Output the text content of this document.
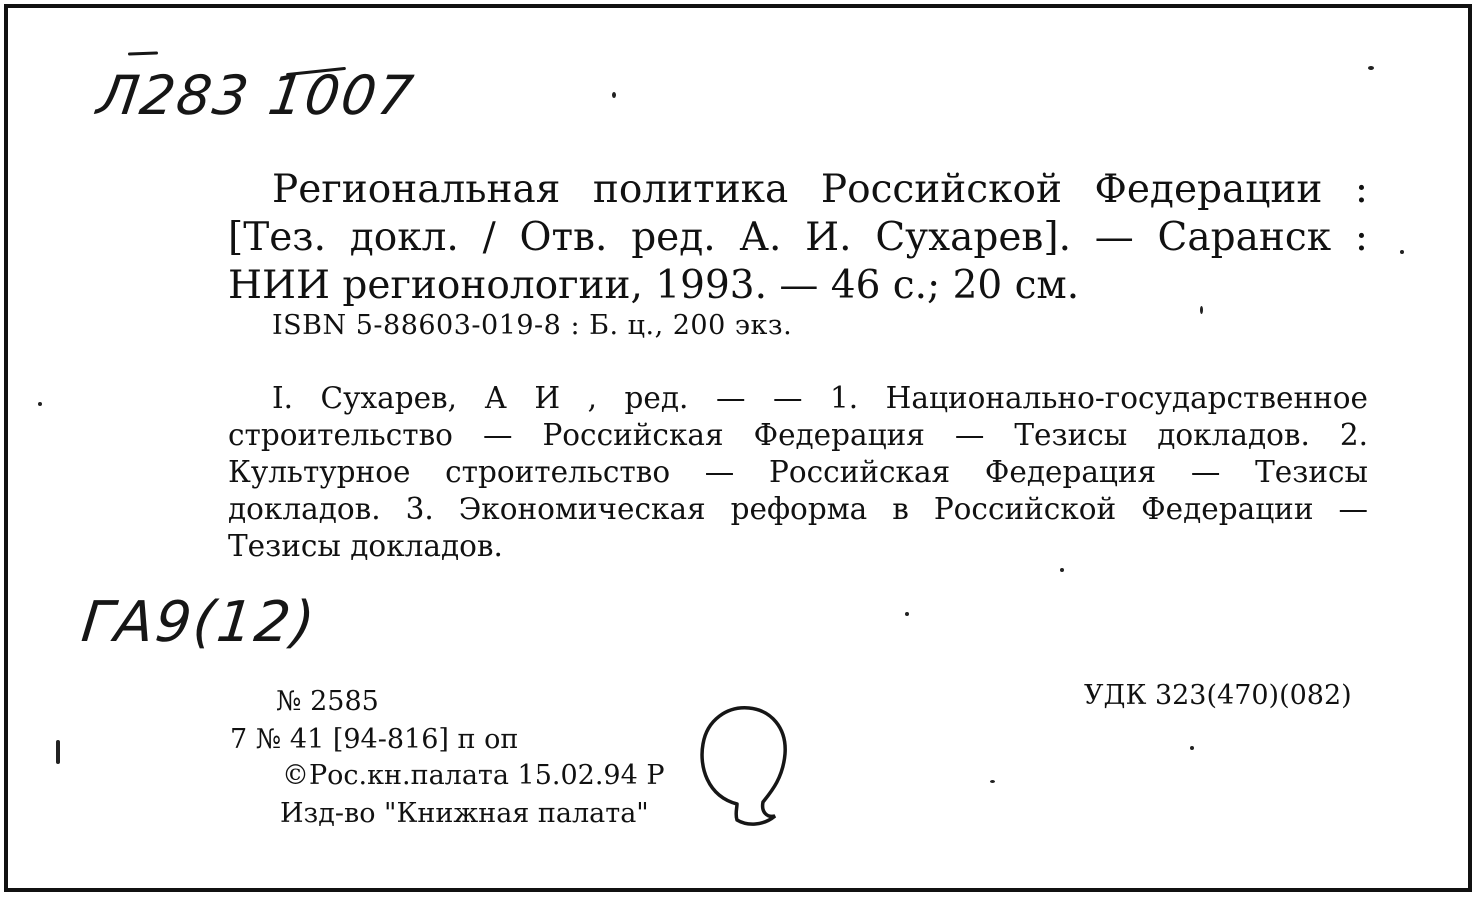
Л283 1007
Региональная политика Российской Федерации : [Тез. докл. / Отв. ред. А. И. Сухарев]. — Саранск : НИИ регионологии, 1993. — 46 с.; 20 см.
ISBN 5-88603-019-8 : Б. ц., 200 экз.
I. Сухарев, А И , ред. — — 1. Национально-государственное строительство — Российская Федерация — Тезисы докладов. 2. Культурное строительство — Российская Федерация — Тезисы докладов. 3. Экономическая реформа в Российской Федерации — Тезисы докладов.
ГА9(12)
№ 2585	УДК 323(470)(082)
7 № 41 [94-816] п оп
©Рос.кн.палата 15.02.94 Р
Изд-во "Книжная палата"
